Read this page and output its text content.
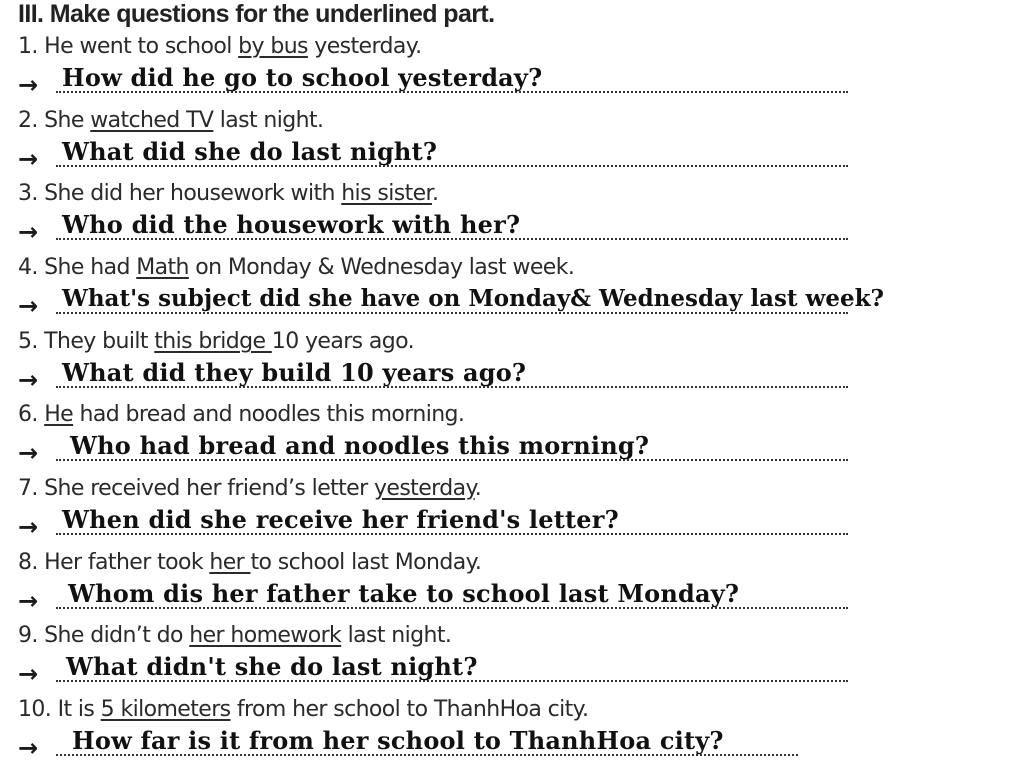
III. Make questions for the underlined part.
1. He went to school by bus yesterday.
→ How did he go to school yesterday?
2. She watched TV last night.
→ What did she do last night?
3. She did her housework with his sister.
→ Who did the housework with her?
4. She had Math on Monday & Wednesday last week.
→ What's subject did she have on Monday& Wednesday last week?
5. They built this bridge 10 years ago.
→ What did they build 10 years ago?
6. He had bread and noodles this morning.
→ Who had bread and noodles this morning?
7. She received her friend’s letter yesterday.
→ When did she receive her friend's letter?
8. Her father took her to school last Monday.
→ Whom dis her father take to school last Monday?
9. She didn’t do her homework last night.
→ What didn't she do last night?
10. It is 5 kilometers from her school to ThanhHoa city.
→ How far is it from her school to ThanhHoa city?
